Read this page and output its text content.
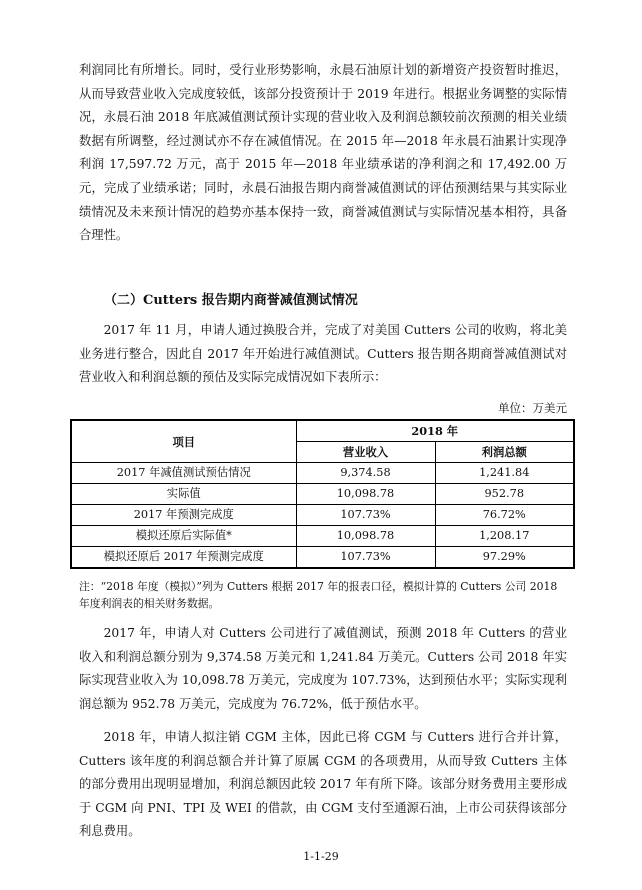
利润同比有所增长。同时，受行业形势影响，永晨石油原计划的新增资产投资暂时推迟，从而导致营业收入完成度较低，该部分投资预计于 2019 年进行。根据业务调整的实际情况，永晨石油 2018 年底减值测试预计实现的营业收入及利润总额较前次预测的相关业绩数据有所调整，经过测试亦不存在减值情况。在 2015 年—2018 年永晨石油累计实现净利润 17,597.72 万元，高于 2015 年—2018 年业绩承诺的净利润之和 17,492.00 万元，完成了业绩承诺；同时，永晨石油报告期内商誉减值测试的评估预测结果与其实际业绩情况及未来预计情况的趋势亦基本保持一致，商誉减值测试与实际情况基本相符，具备合理性。

（二）Cutters 报告期内商誉减值测试情况

2017 年 11 月，申请人通过换股合并，完成了对美国 Cutters 公司的收购，将北美业务进行整合，因此自 2017 年开始进行减值测试。Cutters 报告期各期商誉减值测试对营业收入和利润总额的预估及实际完成情况如下表所示：

单位：万美元

项目	2018 年	
	营业收入	利润总额
2017 年减值测试预估情况	9,374.58	1,241.84
实际值	10,098.78	952.78
2017 年预测完成度	107.73%	76.72%
模拟还原后实际值*	10,098.78	1,208.17
模拟还原后 2017 年预测完成度	107.73%	97.29%

注：“2018 年度（模拟）”列为 Cutters 根据 2017 年的报表口径，模拟计算的 Cutters 公司 2018 年度利润表的相关财务数据。

2017 年，申请人对 Cutters 公司进行了减值测试，预测 2018 年 Cutters 的营业收入和利润总额分别为 9,374.58 万美元和 1,241.84 万美元。Cutters 公司 2018 年实际实现营业收入为 10,098.78 万美元，完成度为 107.73%，达到预估水平；实际实现利润总额为 952.78 万美元，完成度为 76.72%，低于预估水平。

2018 年，申请人拟注销 CGM 主体，因此已将 CGM 与 Cutters 进行合并计算，Cutters 该年度的利润总额合并计算了原属 CGM 的各项费用，从而导致 Cutters 主体的部分费用出现明显增加，利润总额因此较 2017 年有所下降。该部分财务费用主要形成于 CGM 向 PNI、TPI 及 WEI 的借款，由 CGM 支付至通源石油，上市公司获得该部分利息费用。

1-1-29
